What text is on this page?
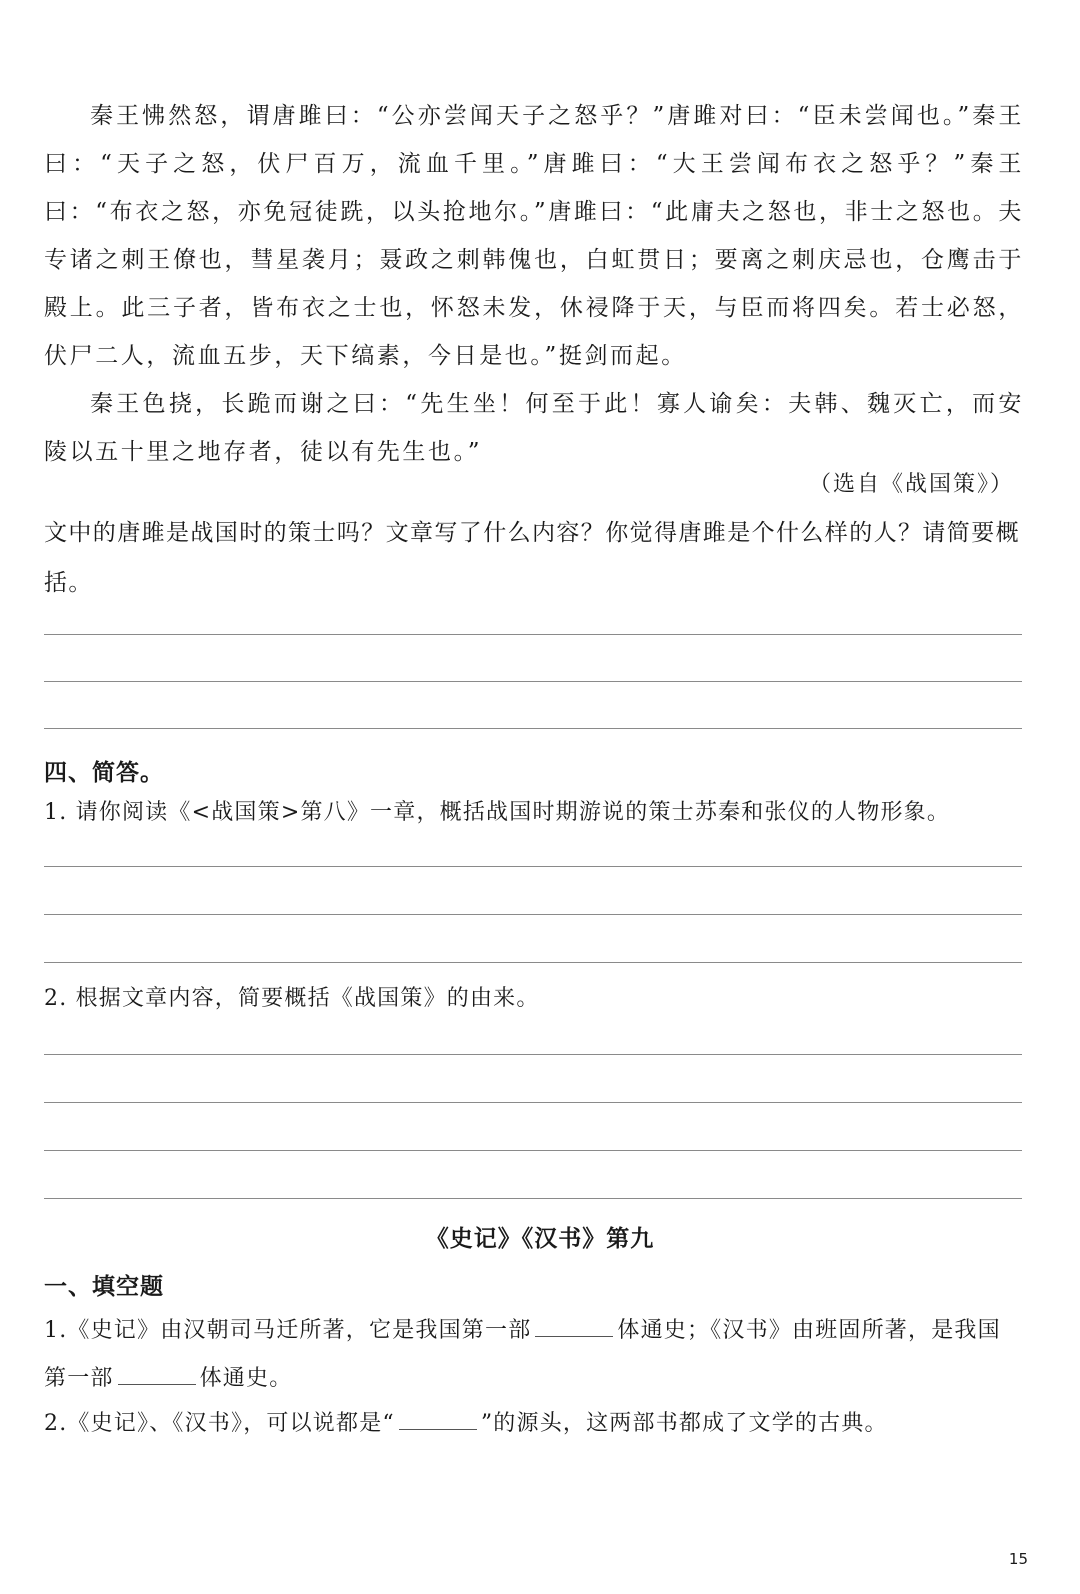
秦王怫然怒，谓唐雎曰：“公亦尝闻天子之怒乎？”唐雎对曰：“臣未尝闻也。”秦王曰：“天子之怒，伏尸百万，流血千里。”唐雎曰：“大王尝闻布衣之怒乎？”秦王曰：“布衣之怒，亦免冠徒跣，以头抢地尔。”唐雎曰：“此庸夫之怒也，非士之怒也。夫专诸之刺王僚也，彗星袭月；聂政之刺韩傀也，白虹贯日；要离之刺庆忌也，仓鹰击于殿上。此三子者，皆布衣之士也，怀怒未发，休祲降于天，与臣而将四矣。若士必怒，伏尸二人，流血五步，天下缟素，今日是也。”挺剑而起。

秦王色挠，长跪而谢之曰：“先生坐！何至于此！寡人谕矣：夫韩、魏灭亡，而安陵以五十里之地存者，徒以有先生也。”

（选自《战国策》）
文中的唐雎是战国时的策士吗？文章写了什么内容？你觉得唐雎是个什么样的人？请简要概括。
四、简答。
1. 请你阅读《<战国策>第八》一章，概括战国时期游说的策士苏秦和张仪的人物形象。
2. 根据文章内容，简要概括《战国策》的由来。
《史记》《汉书》第九
一、填空题
1.《史记》由汉朝司马迁所著，它是我国第一部	体通史；《汉书》由班固所著，是我国
第一部	体通史。
2.《史记》、《汉书》，可以说都是“	”的源头，这两部书都成了文学的古典。
15
